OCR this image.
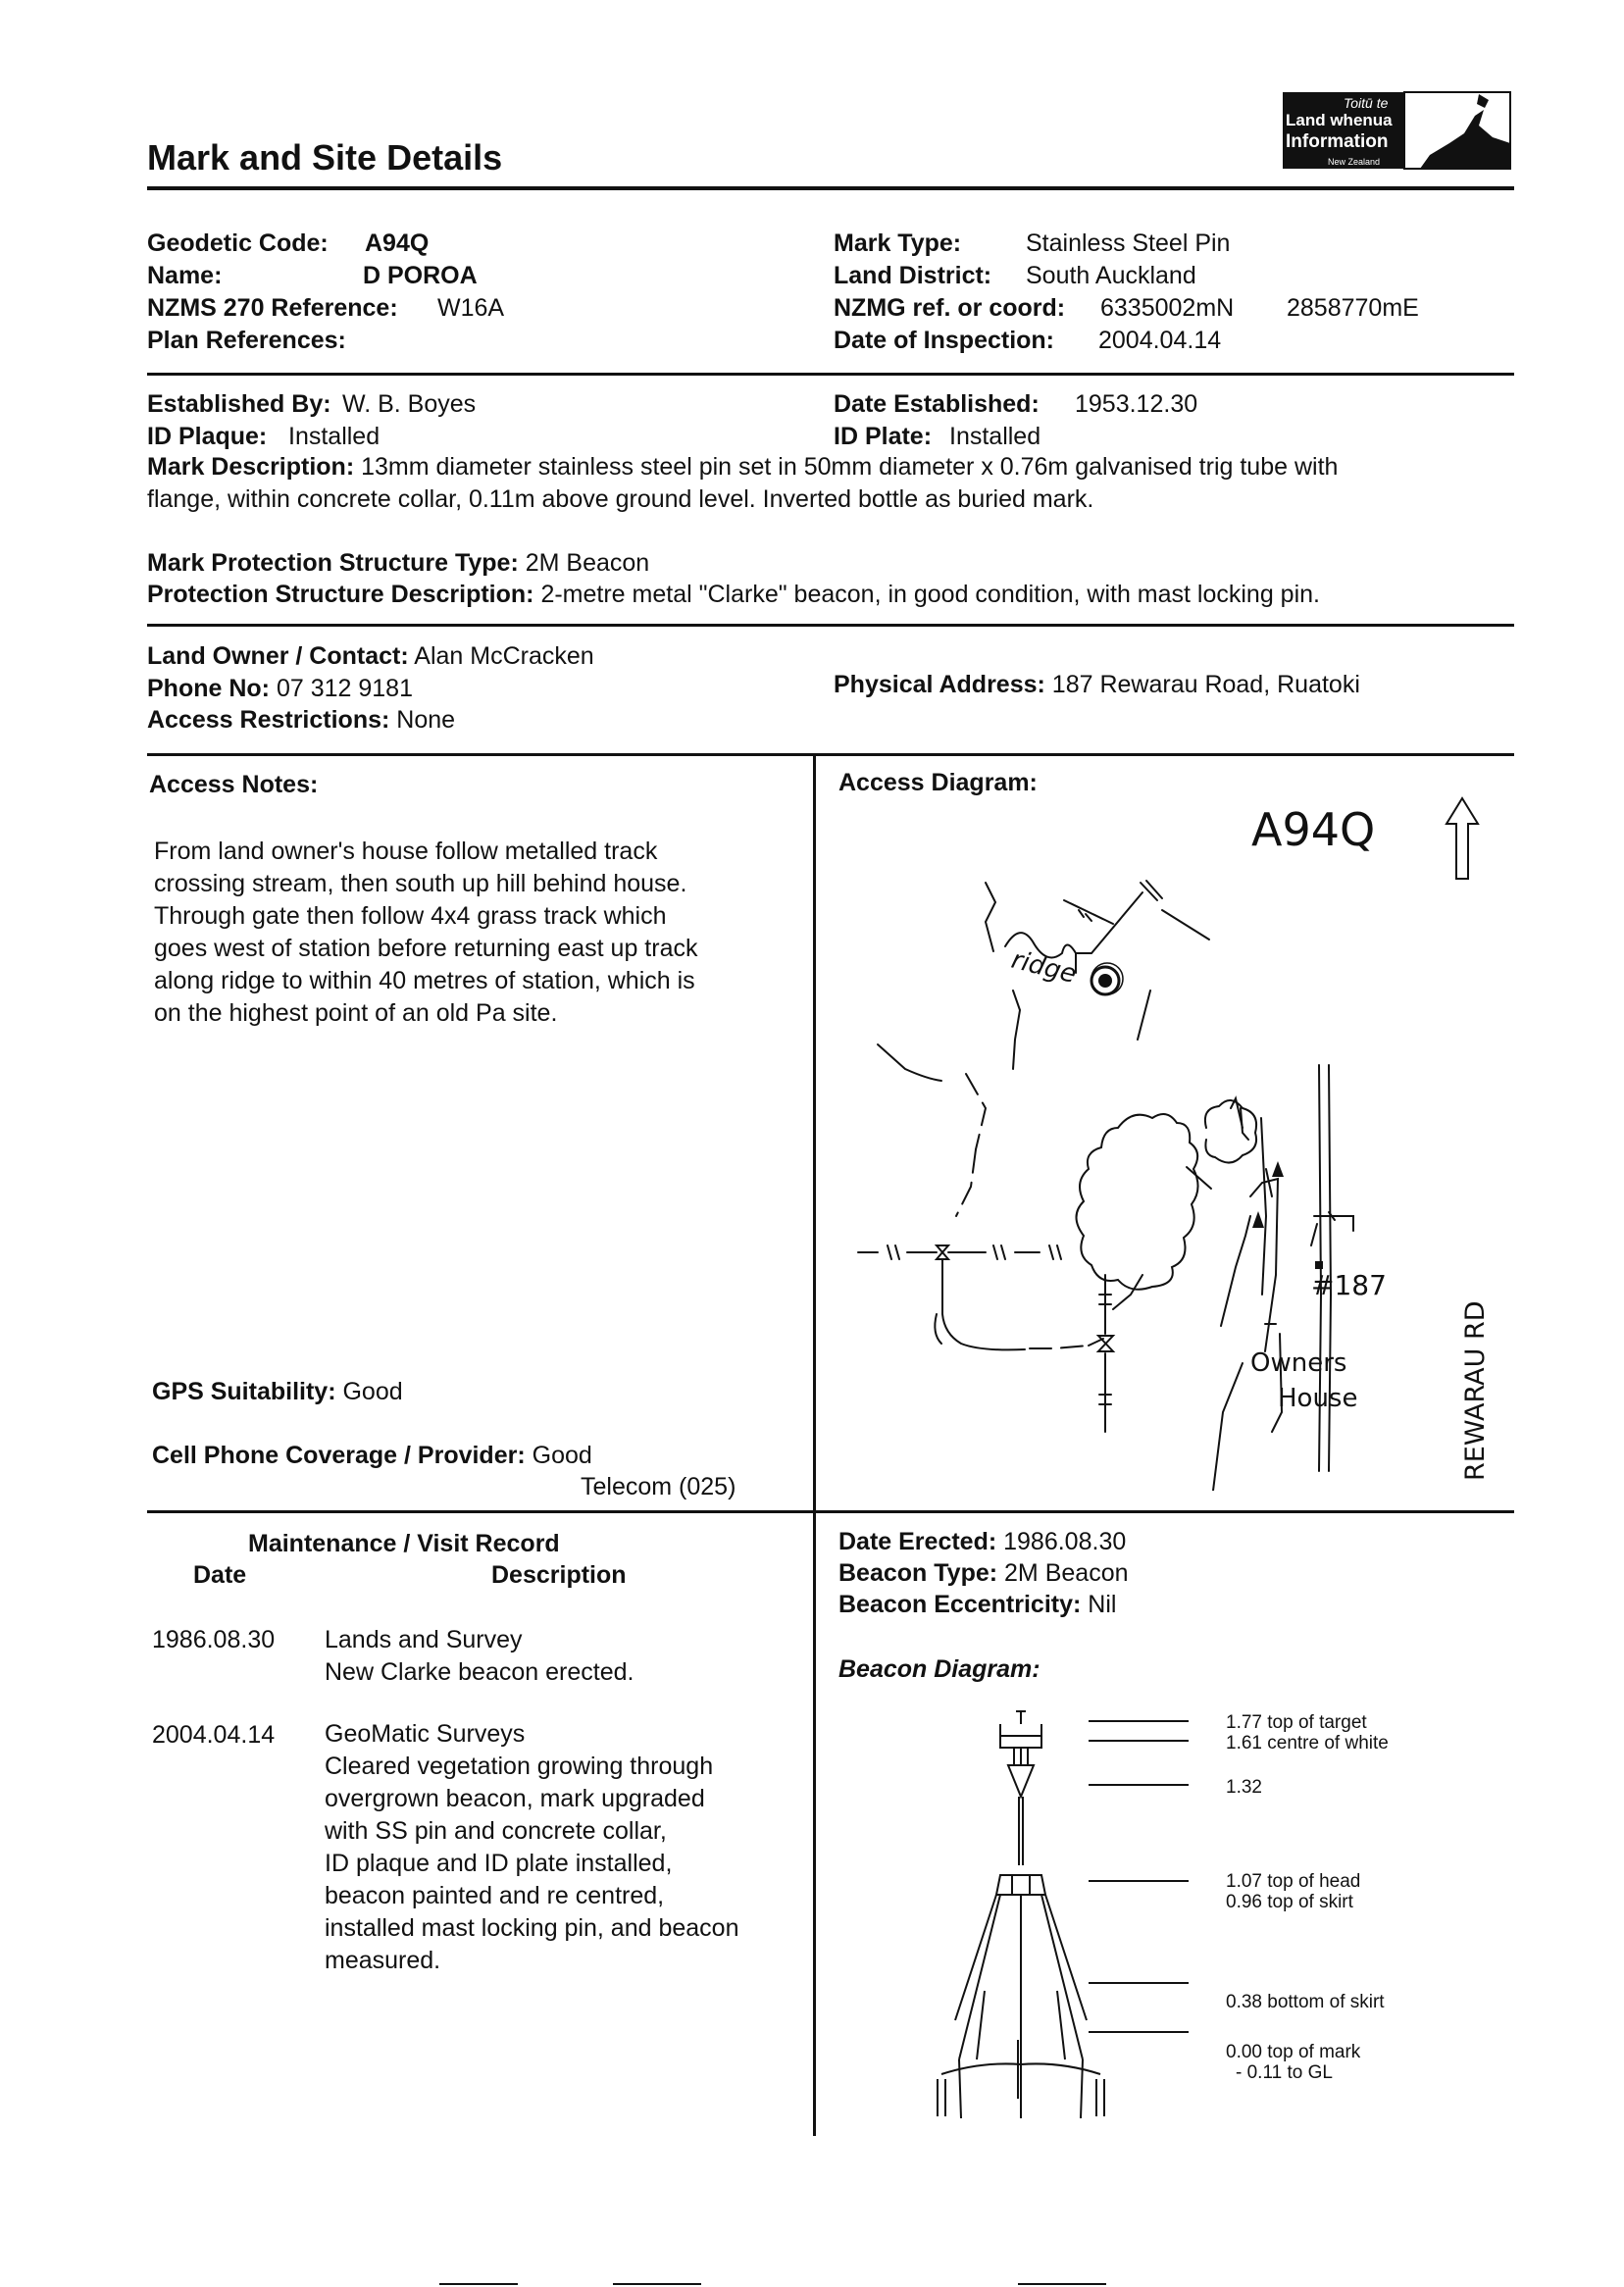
Mark and Site Details
Toitū te
Land whenua
Information
New Zealand
Geodetic Code: A94Q
Name:	D POROA
NZMS 270 Reference: W16A
Plan References:
Mark Type:	Stainless Steel Pin
Land District: South Auckland
NZMG ref. or coord: 6335002mN 2858770mE
Date of Inspection: 2004.04.14
Established By: W. B. Boyes	Date Established: 1953.12.30
ID Plaque: Installed	ID Plate: Installed
Mark Description: 13mm diameter stainless steel pin set in 50mm diameter x 0.76m galvanised trig tube with
flange, within concrete collar, 0.11m above ground level. Inverted bottle as buried mark.
Mark Protection Structure Type: 2M Beacon
Protection Structure Description: 2-metre metal "Clarke" beacon, in good condition, with mast locking pin.
Land Owner / Contact: Alan McCracken
Phone No: 07 312 9181	Physical Address: 187 Rewarau Road, Ruatoki
Access Restrictions: None
Access Notes:
From land owner's house follow metalled track
crossing stream, then south up hill behind house.
Through gate then follow 4x4 grass track which
goes west of station before returning east up track
along ridge to within 40 metres of station, which is
on the highest point of an old Pa site.
GPS Suitability: Good
Cell Phone Coverage / Provider: Good
Telecom (025)
Access Diagram:
A94Q
ridge
#187
Owners
House	REWARAU RD
Maintenance / Visit Record
Date	Description
1986.08.30 Lands and Survey
New Clarke beacon erected.
2004.04.14 GeoMatic Surveys
Cleared vegetation growing through
overgrown beacon, mark upgraded
with SS pin and concrete collar,
ID plaque and ID plate installed,
beacon painted and re centred,
installed mast locking pin, and beacon
measured.
Date Erected: 1986.08.30
Beacon Type: 2M Beacon
Beacon Eccentricity: Nil
Beacon Diagram:
1.77 top of target
1.61 centre of white
1.32
1.07 top of head
0.96 top of skirt
0.38 bottom of skirt
0.00 top of mark
- 0.11 to GL
